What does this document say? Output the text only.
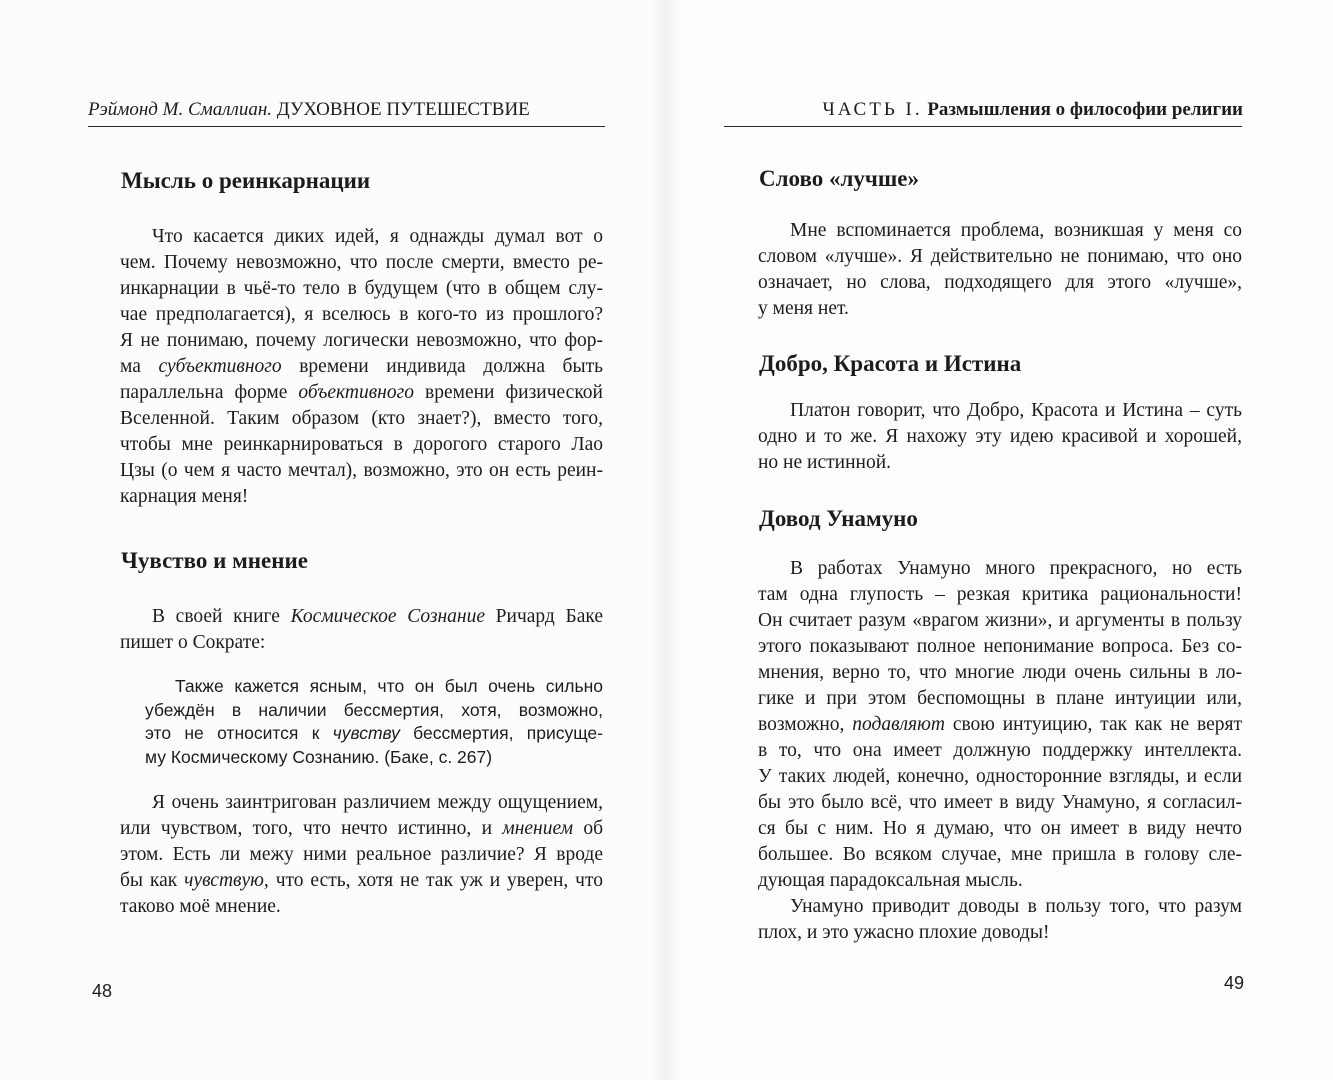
Рэймонд М. Смаллиан. ДУХОВНОЕ ПУТЕШЕСТВИЕ
Мысль о реинкарнации
Что касается диких идей, я однажды думал вот о
чем. Почему невозможно, что после смерти, вместо ре-
инкарнации в чьё-то тело в будущем (что в общем слу-
чае предполагается), я вселюсь в кого-то из прошлого?
Я не понимаю, почему логически невозможно, что фор-
ма субъективного времени индивида должна быть
параллельна форме объективного времени физической
Вселенной. Таким образом (кто знает?), вместо того,
чтобы мне реинкарнироваться в дорогого старого Лао
Цзы (о чем я часто мечтал), возможно, это он есть реин-
карнация меня!
Чувство и мнение
В своей книге Космическое Сознание Ричард Баке
пишет о Сократе:
Также кажется ясным, что он был очень сильно
убеждён в наличии бессмертия, хотя, возможно,
это не относится к чувству бессмертия, присуще-
му Космическому Сознанию. (Баке, с. 267)
Я очень заинтригован различием между ощущением,
или чувством, того, что нечто истинно, и мнением об
этом. Есть ли межу ними реальное различие? Я вроде
бы как чувствую, что есть, хотя не так уж и уверен, что
таково моё мнение.
48
ЧАСТЬ I. Размышления о философии религии
Слово «лучше»
Мне вспоминается проблема, возникшая у меня со
словом «лучше». Я действительно не понимаю, что оно
означает, но слова, подходящего для этого «лучше»,
у меня нет.
Добро, Красота и Истина
Платон говорит, что Добро, Красота и Истина – суть
одно и то же. Я нахожу эту идею красивой и хорошей,
но не истинной.
Довод Унамуно
В работах Унамуно много прекрасного, но есть
там одна глупость – резкая критика рациональности!
Он считает разум «врагом жизни», и аргументы в пользу
этого показывают полное непонимание вопроса. Без со-
мнения, верно то, что многие люди очень сильны в ло-
гике и при этом беспомощны в плане интуиции или,
возможно, подавляют свою интуицию, так как не верят
в то, что она имеет должную поддержку интеллекта.
У таких людей, конечно, односторонние взгляды, и если
бы это было всё, что имеет в виду Унамуно, я согласил-
ся бы с ним. Но я думаю, что он имеет в виду нечто
большее. Во всяком случае, мне пришла в голову сле-
дующая парадоксальная мысль.
Унамуно приводит доводы в пользу того, что разум
плох, и это ужасно плохие доводы!
49
